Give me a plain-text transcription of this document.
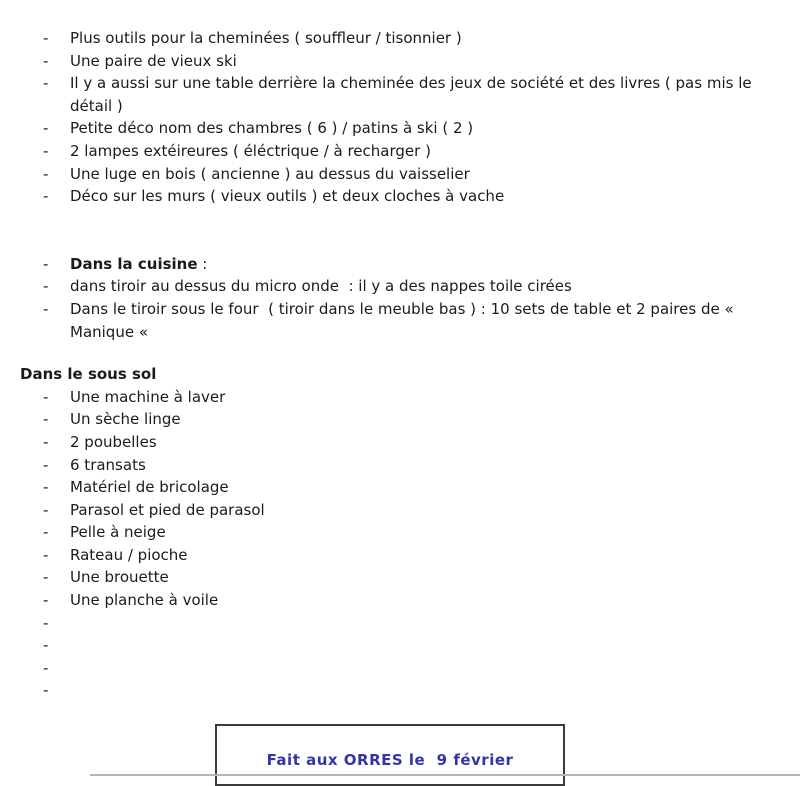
-	Plus outils pour la cheminées ( souffleur / tisonnier )
-	Une paire de vieux ski
-	Il y a aussi sur une table derrière la cheminée des jeux de société et des livres ( pas mis le détail )
-	Petite déco nom des chambres ( 6 ) / patins à ski ( 2 )
-	2 lampes extéireures ( éléctrique / à recharger )
-	Une luge en bois ( ancienne ) au dessus du vaisselier
-	Déco sur les murs ( vieux outils ) et deux cloches à vache
-	Dans la cuisine :
-	dans tiroir au dessus du micro onde  : il y a des nappes toile cirées
-	Dans le tiroir sous le four  ( tiroir dans le meuble bas ) : 10 sets de table et 2 paires de « Manique «
Dans le sous sol
-	Une machine à laver
-	Un sèche linge
-	2 poubelles
-	6 transats
-	Matériel de bricolage
-	Parasol et pied de parasol
-	Pelle à neige
-	Rateau / pioche
-	Une brouette
-	Une planche à voile
-
-
-
-
Fait aux ORRES le  9 février
